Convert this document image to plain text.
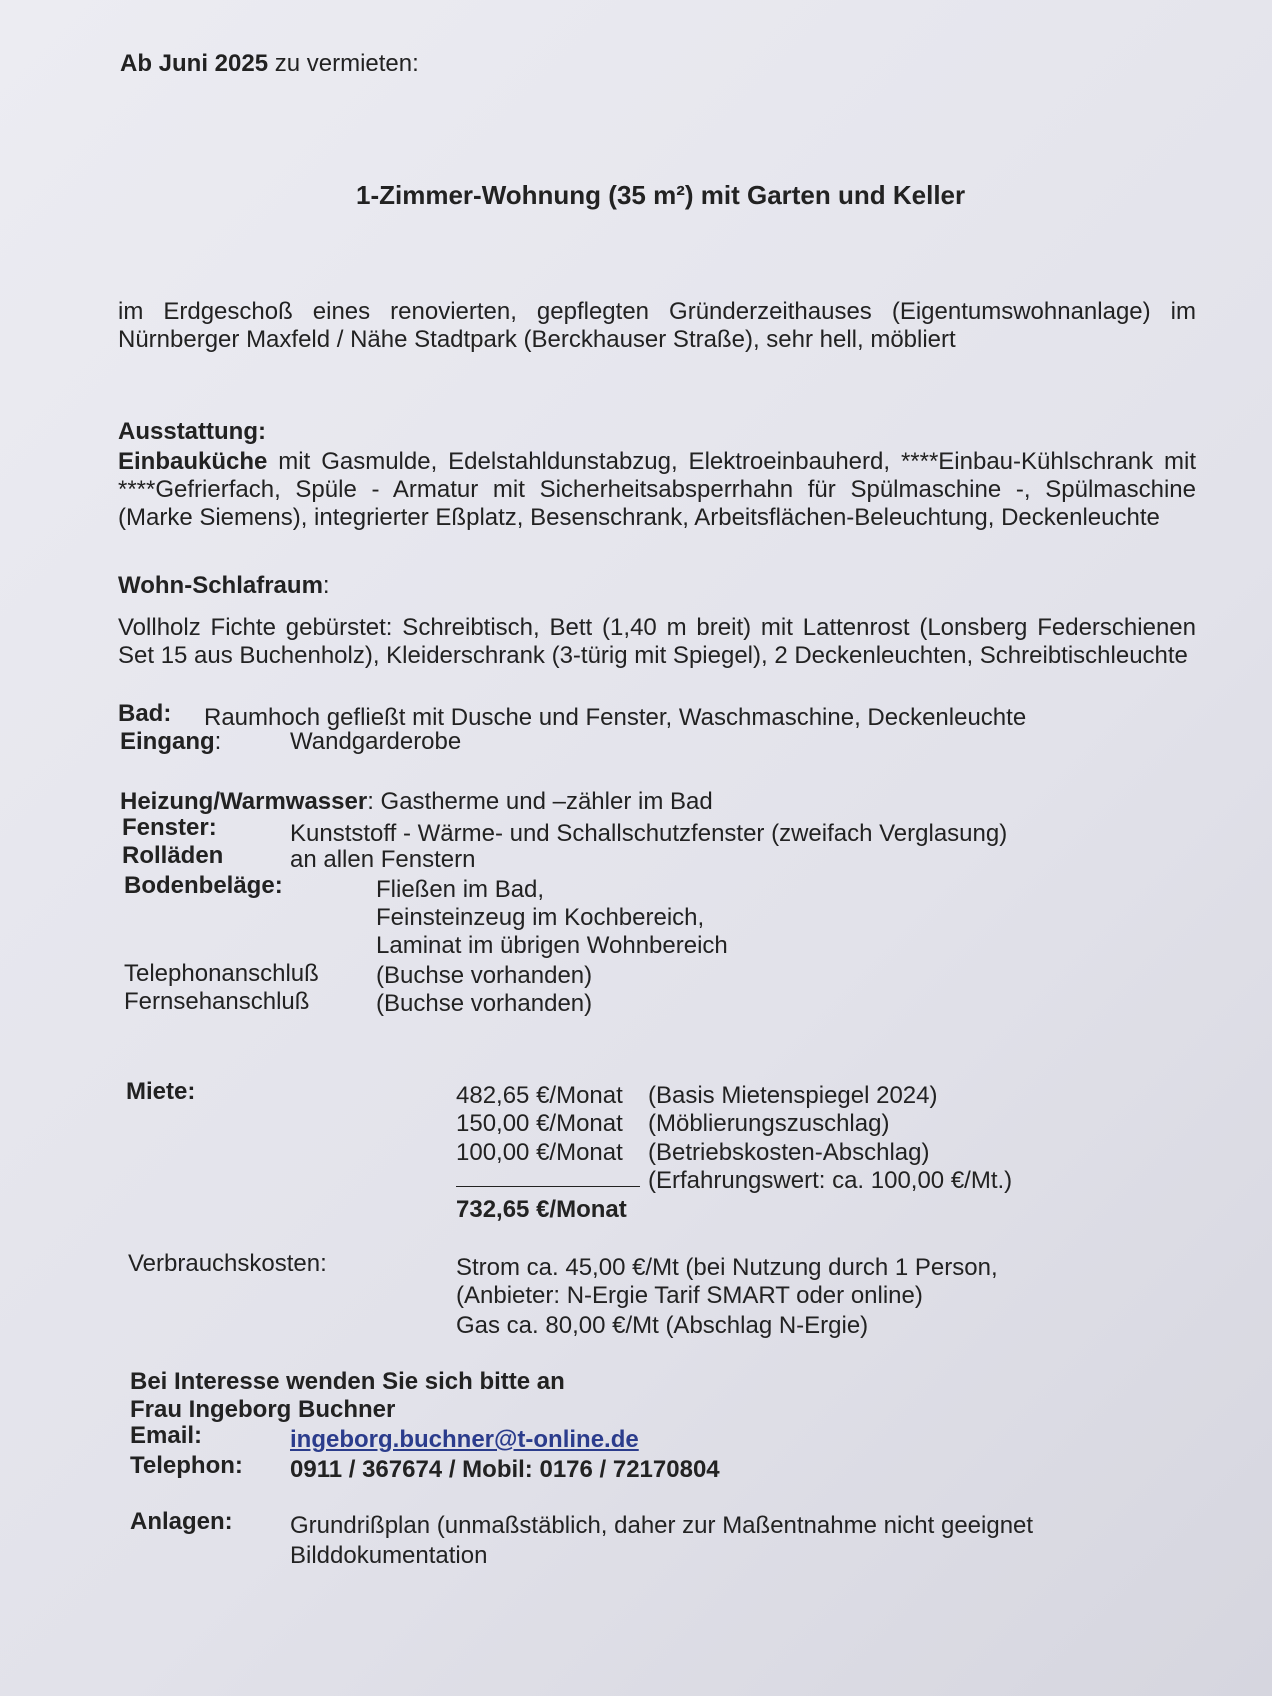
Ab Juni 2025 zu vermieten:
1-Zimmer-Wohnung (35 m²) mit Garten und Keller
im Erdgeschoß eines renovierten, gepflegten Gründerzeithauses (Eigentumswohnanlage) im Nürnberger Maxfeld / Nähe Stadtpark (Berckhauser Straße), sehr hell, möbliert
Ausstattung:
Einbauküche mit Gasmulde, Edelstahldunstabzug, Elektroeinbauherd, ****Einbau-Kühlschrank mit ****Gefrierfach, Spüle - Armatur mit Sicherheitsabsperrhahn für Spülmaschine -, Spülmaschine (Marke Siemens), integrierter Eßplatz, Besenschrank, Arbeitsflächen-Beleuchtung, Deckenleuchte
Wohn-Schlafraum:
Vollholz Fichte gebürstet: Schreibtisch, Bett (1,40 m breit) mit Lattenrost (Lonsberg Federschienen Set 15 aus Buchenholz), Kleiderschrank (3-türig mit Spiegel), 2 Deckenleuchten, Schreibtischleuchte
Bad: Raumhoch gefließt mit Dusche und Fenster, Waschmaschine, Deckenleuchte
Eingang:	Wandgarderobe
Heizung/Warmwasser: Gastherme und –zähler im Bad
Fenster:	Kunststoff - Wärme- und Schallschutzfenster (zweifach Verglasung)
Rolläden	an allen Fenstern
Bodenbeläge:	Fließen im Bad,
Feinsteinzeug im Kochbereich,
Laminat im übrigen Wohnbereich
Telephonanschluß (Buchse vorhanden)
Fernsehanschluß	(Buchse vorhanden)
Miete:	482,65 €/Monat (Basis Mietenspiegel 2024)
150,00 €/Monat (Möblierungszuschlag)
100,00 €/Monat (Betriebskosten-Abschlag)
(Erfahrungswert: ca. 100,00 €/Mt.)
732,65 €/Monat
Verbrauchskosten:	Strom ca. 45,00 €/Mt (bei Nutzung durch 1 Person,
(Anbieter: N-Ergie Tarif SMART oder online)
Gas ca. 80,00 €/Mt (Abschlag N-Ergie)
Bei Interesse wenden Sie sich bitte an
Frau Ingeborg Buchner
Email:	ingeborg.buchner@t-online.de
Telephon: 0911 / 367674 / Mobil: 0176 / 72170804
Anlagen: Grundrißplan (unmaßstäblich, daher zur Maßentnahme nicht geeignet
Bilddokumentation
